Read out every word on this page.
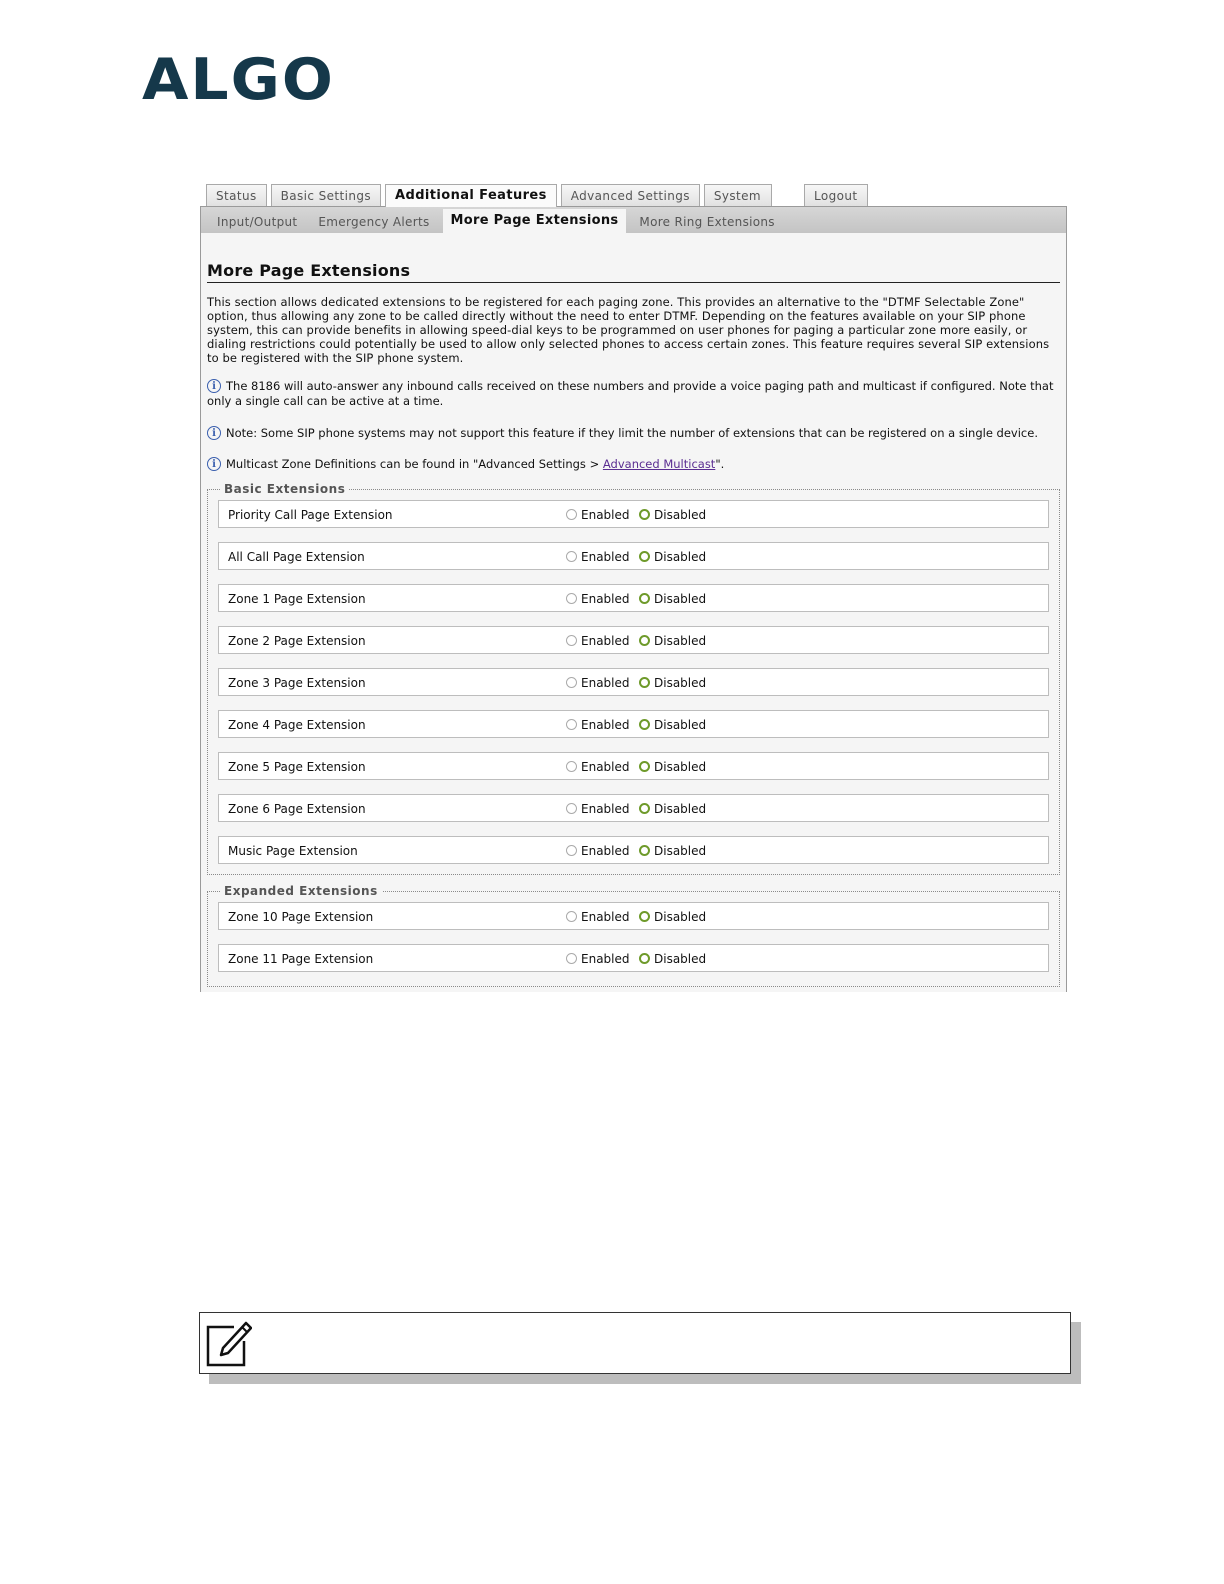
ALGO
Status	Basic Settings	Additional Features	Advanced Settings	System	Logout
Input/Output	Emergency Alerts	More Page Extensions	More Ring Extensions
More Page Extensions

This section allows dedicated extensions to be registered for each paging zone. This provides an alternative to the "DTMF Selectable Zone" option, thus allowing any zone to be called directly without the need to enter DTMF. Depending on the features available on your SIP phone system, this can provide benefits in allowing speed-dial keys to be programmed on user phones for paging a particular zone more easily, or dialing restrictions could potentially be used to allow only selected phones to access certain zones. This feature requires several SIP extensions to be registered with the SIP phone system.

i The 8186 will auto-answer any inbound calls received on these numbers and provide a voice paging path and multicast if configured. Note that only a single call can be active at a time.
i Note: Some SIP phone systems may not support this feature if they limit the number of extensions that can be registered on a single device.
i Multicast Zone Definitions can be found in "Advanced Settings > Advanced Multicast".
Basic Extensions
Priority Call Page Extension	Enabled Disabled
All Call Page Extension	Enabled Disabled
Zone 1 Page Extension	Enabled Disabled
Zone 2 Page Extension	Enabled Disabled
Zone 3 Page Extension	Enabled Disabled
Zone 4 Page Extension	Enabled Disabled
Zone 5 Page Extension	Enabled Disabled
Zone 6 Page Extension	Enabled Disabled
Music Page Extension	Enabled Disabled
Expanded Extensions
Zone 10 Page Extension	Enabled Disabled
Zone 11 Page Extension	Enabled Disabled
